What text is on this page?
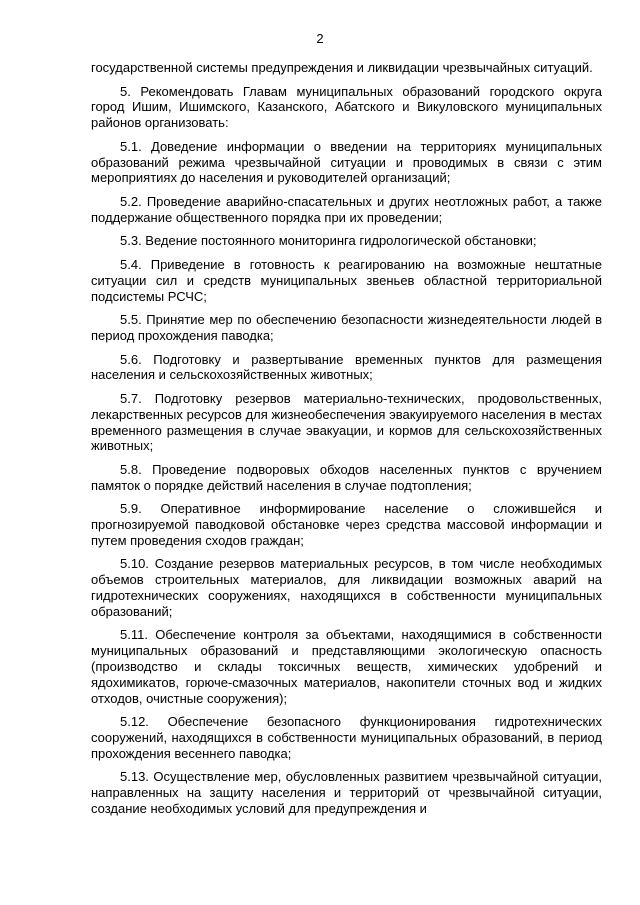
2

государственной системы предупреждения и ликвидации чрезвычайных ситуаций.

5. Рекомендовать Главам муниципальных образований городского округа город Ишим, Ишимского, Казанского, Абатского и Викуловского муниципальных районов организовать:

5.1. Доведение информации о введении на территориях муниципальных образований режима чрезвычайной ситуации и проводимых в связи с этим мероприятиях до населения и руководителей организаций;

5.2. Проведение аварийно-спасательных и других неотложных работ, а также поддержание общественного порядка при их проведении;

5.3. Ведение постоянного мониторинга гидрологической обстановки;

5.4. Приведение в готовность к реагированию на возможные нештатные ситуации сил и средств муниципальных звеньев областной территориальной подсистемы РСЧС;

5.5. Принятие мер по обеспечению безопасности жизнедеятельности людей в период прохождения паводка;

5.6. Подготовку и развертывание временных пунктов для размещения населения и сельскохозяйственных животных;

5.7. Подготовку резервов материально-технических, продовольственных, лекарственных ресурсов для жизнеобеспечения эвакуируемого населения в местах временного размещения в случае эвакуации, и кормов для сельскохозяйственных животных;

5.8. Проведение подворовых обходов населенных пунктов с вручением памяток о порядке действий населения в случае подтопления;

5.9. Оперативное информирование население о сложившейся и прогнозируемой паводковой обстановке через средства массовой информации и путем проведения сходов граждан;

5.10. Создание резервов материальных ресурсов, в том числе необходимых объемов строительных материалов, для ликвидации возможных аварий на гидротехнических сооружениях, находящихся в собственности муниципальных образований;

5.11. Обеспечение контроля за объектами, находящимися в собственности муниципальных образований и представляющими экологическую опасность (производство и склады токсичных веществ, химических удобрений и ядохимикатов, горюче-смазочных материалов, накопители сточных вод и жидких отходов, очистные сооружения);

5.12. Обеспечение безопасного функционирования гидротехнических сооружений, находящихся в собственности муниципальных образований, в период прохождения весеннего паводка;

5.13. Осуществление мер, обусловленных развитием чрезвычайной ситуации, направленных на защиту населения и территорий от чрезвычайной ситуации, создание необходимых условий для предупреждения и
